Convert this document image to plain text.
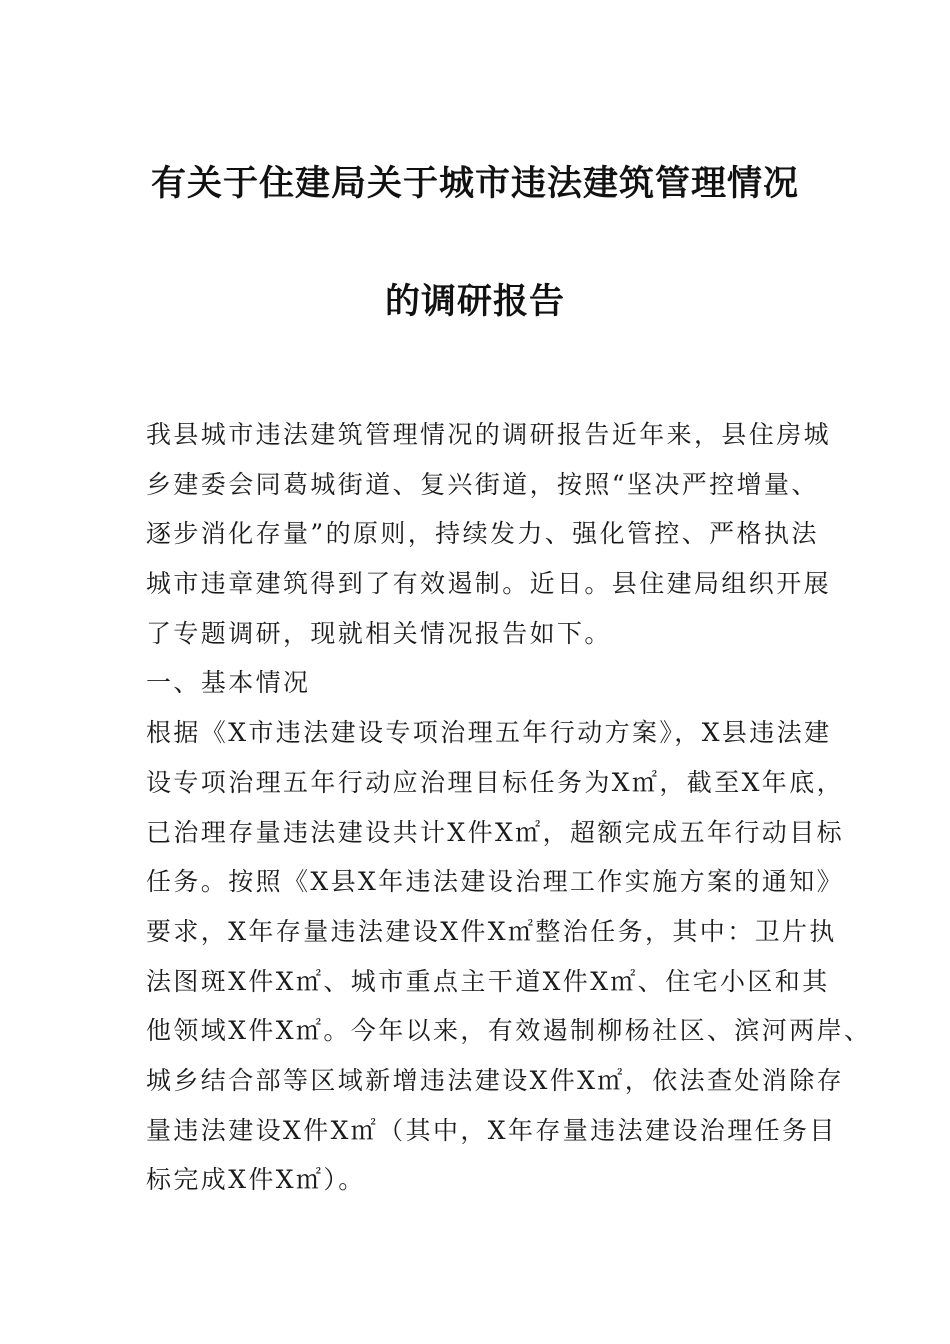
有关于住建局关于城市违法建筑管理情况
的调研报告
我县城市违法建筑管理情况的调研报告近年来，县住房城
乡建委会同葛城街道、复兴街道，按照“坚决严控增量、
逐步消化存量”的原则，持续发力、强化管控、严格执法
城市违章建筑得到了有效遏制。近日。县住建局组织开展
了专题调研，现就相关情况报告如下。
一、基本情况
根据《X市违法建设专项治理五年行动方案》，X县违法建
设专项治理五年行动应治理目标任务为X㎡，截至X年底，
已治理存量违法建设共计X件X㎡，超额完成五年行动目标
任务。按照《X县X年违法建设治理工作实施方案的通知》
要求，X年存量违法建设X件X㎡整治任务，其中：卫片执
法图斑X件X㎡、城市重点主干道X件X㎡、住宅小区和其
他领域X件X㎡。今年以来，有效遏制柳杨社区、滨河两岸、
城乡结合部等区域新增违法建设X件X㎡，依法查处消除存
量违法建设X件X㎡（其中，X年存量违法建设治理任务目
标完成X件X㎡）。
